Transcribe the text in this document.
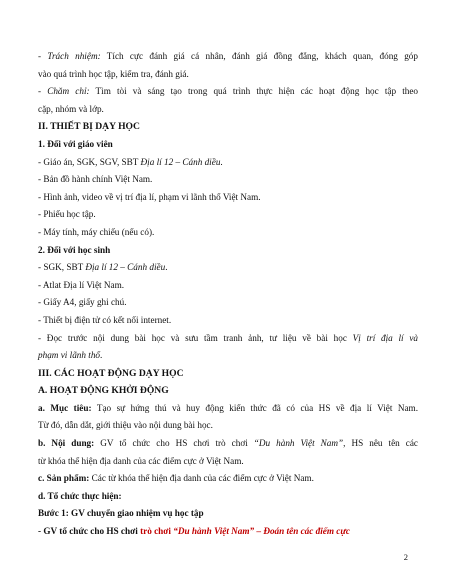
- Trách nhiệm: Tích cực đánh giá cá nhân, đánh giá đồng đẳng, khách quan, đóng góp

vào quá trình học tập, kiểm tra, đánh giá.

- Chăm chỉ: Tìm tòi và sáng tạo trong quá trình thực hiện các hoạt động học tập theo

cặp, nhóm và lớp.

II. THIẾT BỊ DẠY HỌC

1. Đối với giáo viên

- Giáo án, SGK, SGV, SBT Địa lí 12 – Cánh diều.

- Bản đồ hành chính Việt Nam.

- Hình ảnh, video về vị trí địa lí, phạm vi lãnh thổ Việt Nam.

- Phiếu học tập.

- Máy tính, máy chiếu (nếu có).

2. Đối với học sinh

- SGK, SBT Địa lí 12 – Cánh diều.

- Atlat Địa lí Việt Nam.

- Giấy A4, giấy ghi chú.

- Thiết bị điện tử có kết nối internet.

- Đọc trước nội dung bài học và sưu tầm tranh ảnh, tư liệu về bài học Vị trí địa lí và

phạm vi lãnh thổ.

III. CÁC HOẠT ĐỘNG DẠY HỌC

A. HOẠT ĐỘNG KHỞI ĐỘNG

a. Mục tiêu: Tạo sự hứng thú và huy động kiến thức đã có của HS về địa lí Việt Nam.

Từ đó, dẫn dắt, giới thiệu vào nội dung bài học.

b. Nội dung: GV tổ chức cho HS chơi trò chơi “Du hành Việt Nam”, HS nêu tên các

từ khóa thể hiện địa danh của các điểm cực ở Việt Nam.

c. Sản phẩm: Các từ khóa thể hiện địa danh của các điểm cực ở Việt Nam.

d. Tổ chức thực hiện:

Bước 1: GV chuyển giao nhiệm vụ học tập

- GV tổ chức cho HS chơi trò chơi “Du hành Việt Nam” – Đoán tên các điểm cực

2
